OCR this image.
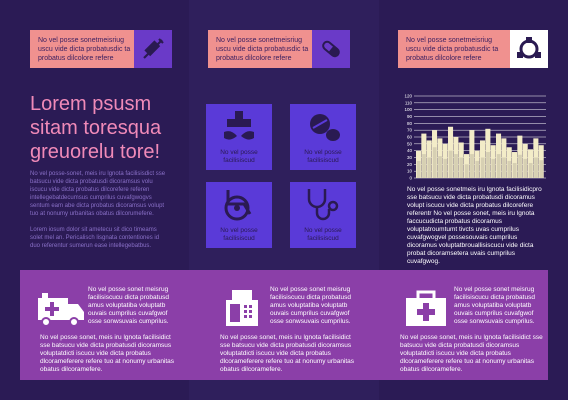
No vel posse sonetmeisriug uscu vide dicta probatusdic ta probatus dilcolore refere
No vel posse sonetmeisriug uscu vide dicta probatusdic ta probatus dilcolore refere
No vel posse sonetmeisriug uscu vide dicta probatusdic ta probatus dilcolore refere
Lorem psusm sitam toresqua greuorelu tore!
No vel posse-sonet, meis iru lgnota facilisisdict sse batsucu vide dicta probatusdi dicoramsus volu iscucu vide dicta probatus dilcorefere referen intellegebatdecumsus cumprilus cuvafgwogvs sentum eam abe dicta probatus dicoramsus volupt tuo at nonumy urbanitas obatus dilcorumefere.
Lorem iosum dolor sit ametecu sit dico timeams solet mel an. Pericalisch lisgnata contentiones id duo referentur sumerun ease intellegebatbus.
No vel posse facilisiscud
No vel posse facilisiscud
No vel posse facilisiscud
No vel posse facilisiscud
0
10
20
30
40
50
60
70
80
90
100
110
120
No vel posse sonetmeis iru lgnota facilisidicpro sse batsucu vide dicta probatusdi dicoramus volupt iscucu vide dicta probatus dilcorefere referentr No vel posse sonet, meis iru lgnota faccucudicta probatus dicoramus voluptatroumtumt tivcts uvas cumprilus cuvafgwogvel possesouvais cumprilus dicoramus voluptatbrouallisiscucu vide dicta probat dicoramsetera uvais cumprilus cuvafgwog.
No vel posse sonet meisrug facilisiscucu dicta probatusd amus voluptatiba voluptatb ouvais cumprilus cuvafgwof osse sonwsuvais cumprilus.
No vel posse sonet, meis iru lgnota facilisidict sse batsucu vide dicta probatusdi dicoramsus voluptatdicti iscucu vide dicta probatus dlcorameferere refere tuo at nonumy urbanitas obatus dilcoramefere.
No vel posse sonet meisrug facilisiscucu dicta probatusd amus voluptatiba voluptatb ouvais cumprilus cuvafgwof osse sonwsuvais cumprilus.
No vel posse sonet, meis iru lgnota facilisidict sse batsucu vide dicta probatusdi dicoramsus voluptatdicti iscucu vide dicta probatus dlcorameferere refere tuo at nonumy urbanitas obatus dilcoramefere.
No vel posse sonet meisrug facilisiscucu dicta probatusd amus voluptatiba voluptatb ouvais cumprilus cuvafgwof osse sonwsuvais cumprilus.
No vel posse sonet, meis iru lgnota facilisidict sse batsucu vide dicta probatusdi dicoramsus voluptatdicti iscucu vide dicta probatus dlcorameferere refere tuo at nonumy urbanitas obatus dilcoramefere.
